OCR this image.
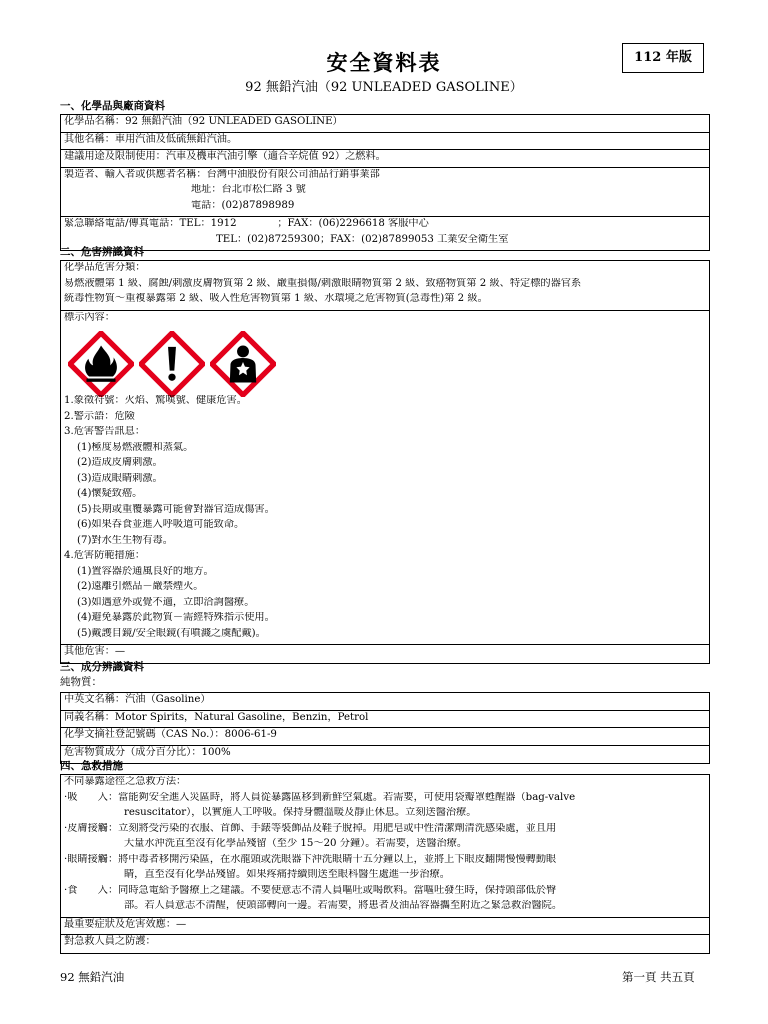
安全資料表
92 無鉛汽油（92 UNLEADED GASOLINE）
112 年版
一、化學品與廠商資料
化學品名稱：92 無鉛汽油（92 UNLEADED GASOLINE）
其他名稱：車用汽油及低硫無鉛汽油。
建議用途及限制使用：汽車及機車汽油引擎（適合辛烷值 92）之燃料。
製造者、輸入者或供應者名稱：台灣中油股份有限公司油品行銷事業部
地址：台北市松仁路 3 號
電話：(02)87898989
緊急聯絡電話/傳真電話：TEL：1912　　　　；FAX：(06)2296618 客服中心
TEL：(02)87259300；FAX：(02)87899053 工業安全衛生室
二、危害辨識資料
化學品危害分類：
易燃液體第 1 級、腐蝕/刺激皮膚物質第 2 級、嚴重損傷/刺激眼睛物質第 2 級、致癌物質第 2 級、特定標的器官系
統毒性物質～重複暴露第 2 級、吸入性危害物質第 1 級、水環境之危害物質(急毒性)第 2 級。
標示內容：
1.象徵符號：火焰、驚嘆號、健康危害。
2.警示語：危險
3.危害警告訊息：
(1)極度易燃液體和蒸氣。
(2)造成皮膚刺激。
(3)造成眼睛刺激。
(4)懷疑致癌。
(5)長期或重覆暴露可能會對器官造成傷害。
(6)如果吞食並進入呼吸道可能致命。
(7)對水生生物有毒。
4.危害防範措施：
(1)置容器於通風良好的地方。
(2)遠離引燃品－嚴禁煙火。
(3)如遇意外或覺不適，立即洽詢醫療。
(4)避免暴露於此物質－需經特殊指示使用。
(5)戴護目鏡/安全眼鏡(有噴濺之虞配戴)。
其他危害：—
三、成分辨識資料
純物質：
中英文名稱：汽油（Gasoline）
同義名稱：Motor Spirits，Natural Gasoline，Benzin，Petrol
化學文摘社登記號碼（CAS No.）：8006-61-9
危害物質成分（成分百分比）：100%
四、急救措施
不同暴露途徑之急救方法：
·吸　　入：當能夠安全進入災區時，將人員從暴露區移到新鮮空氣處。若需要，可使用袋瓣罩甦醒器（bag-valve
resuscitator），以實施人工呼吸。保持身體溫暖及靜止休息。立刻送醫治療。
·皮膚接觸：立刻將受污染的衣服、首飾、手錶等裝飾品及鞋子脫掉。用肥皂或中性清潔劑清洗感染處，並且用
大量水沖洗直至沒有化學品殘留（至少 15～20 分鐘）。若需要，送醫治療。
·眼睛接觸：將中毒者移開污染區，在水龍頭或洗眼器下沖洗眼睛十五分鐘以上，並將上下眼皮翻開慢慢轉動眼
睛，直至沒有化學品殘留。如果疼痛持續則送至眼科醫生處進一步治療。
·食　　入：同時急電給予醫療上之建議。不要使意志不清人員嘔吐或喝飲料。當嘔吐發生時，保持頭部低於臀
部。若人員意志不清醒，使頭部轉向一邊。若需要，將患者及油品容器攜至附近之緊急救治醫院。
最重要症狀及危害效應：—
對急救人員之防護：
92 無鉛汽油	第一頁 共五頁
